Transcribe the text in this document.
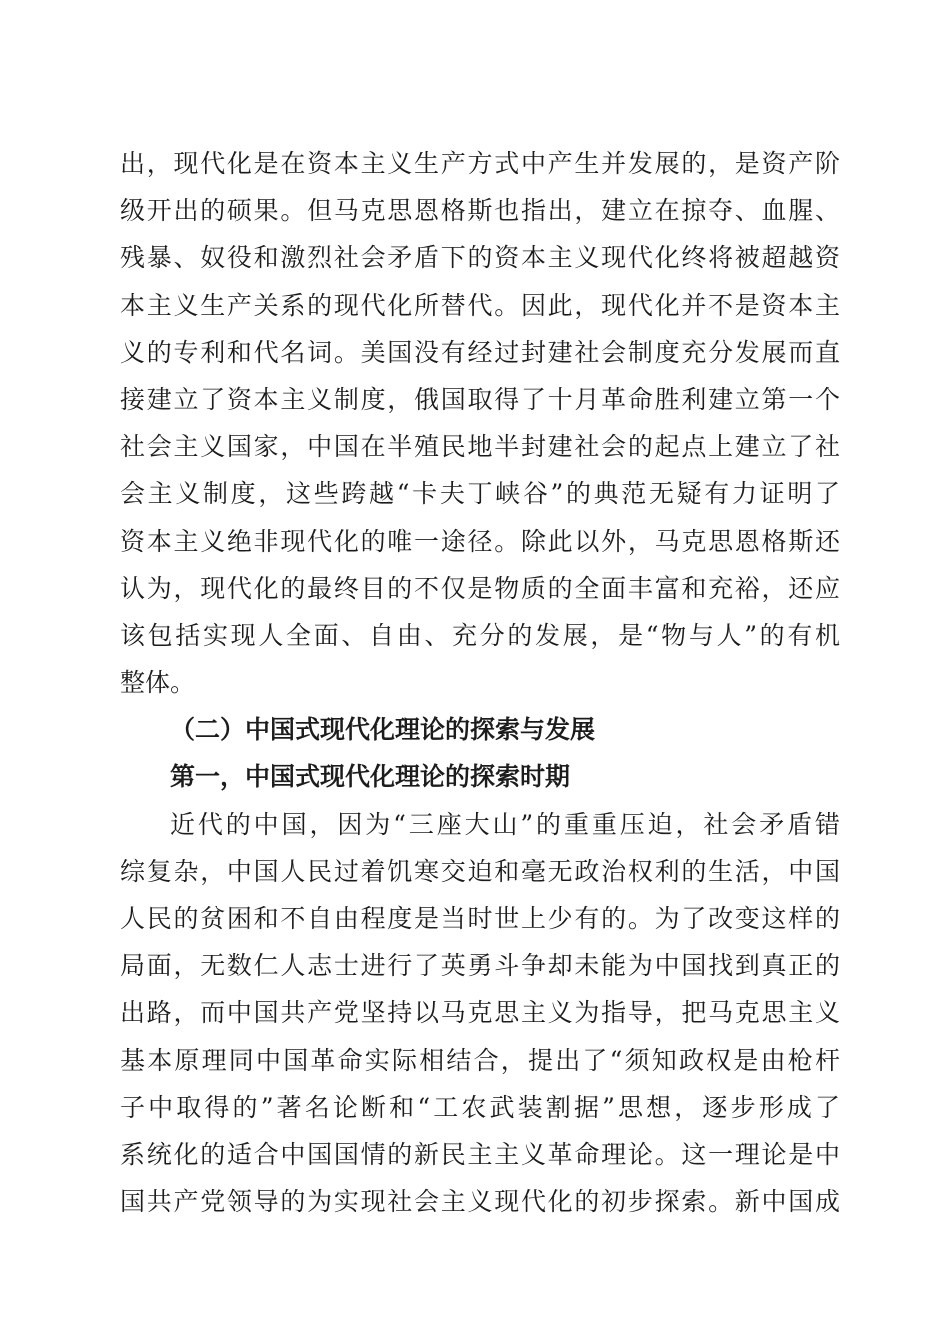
出，现代化是在资本主义生产方式中产生并发展的，是资产阶
级开出的硕果。但马克思恩格斯也指出，建立在掠夺、血腥、
残暴、奴役和激烈社会矛盾下的资本主义现代化终将被超越资
本主义生产关系的现代化所替代。因此，现代化并不是资本主
义的专利和代名词。美国没有经过封建社会制度充分发展而直
接建立了资本主义制度，俄国取得了十月革命胜利建立第一个
社会主义国家，中国在半殖民地半封建社会的起点上建立了社
会主义制度，这些跨越“卡夫丁峡谷”的典范无疑有力证明了
资本主义绝非现代化的唯一途径。除此以外，马克思恩格斯还
认为，现代化的最终目的不仅是物质的全面丰富和充裕，还应
该包括实现人全面、自由、充分的发展，是“物与人”的有机
整体。
（二）中国式现代化理论的探索与发展
第一，中国式现代化理论的探索时期
近代的中国，因为“三座大山”的重重压迫，社会矛盾错
综复杂，中国人民过着饥寒交迫和毫无政治权利的生活，中国
人民的贫困和不自由程度是当时世上少有的。为了改变这样的
局面，无数仁人志士进行了英勇斗争却未能为中国找到真正的
出路，而中国共产党坚持以马克思主义为指导，把马克思主义
基本原理同中国革命实际相结合，提出了“须知政权是由枪杆
子中取得的”著名论断和“工农武装割据”思想，逐步形成了
系统化的适合中国国情的新民主主义革命理论。这一理论是中
国共产党领导的为实现社会主义现代化的初步探索。新中国成
